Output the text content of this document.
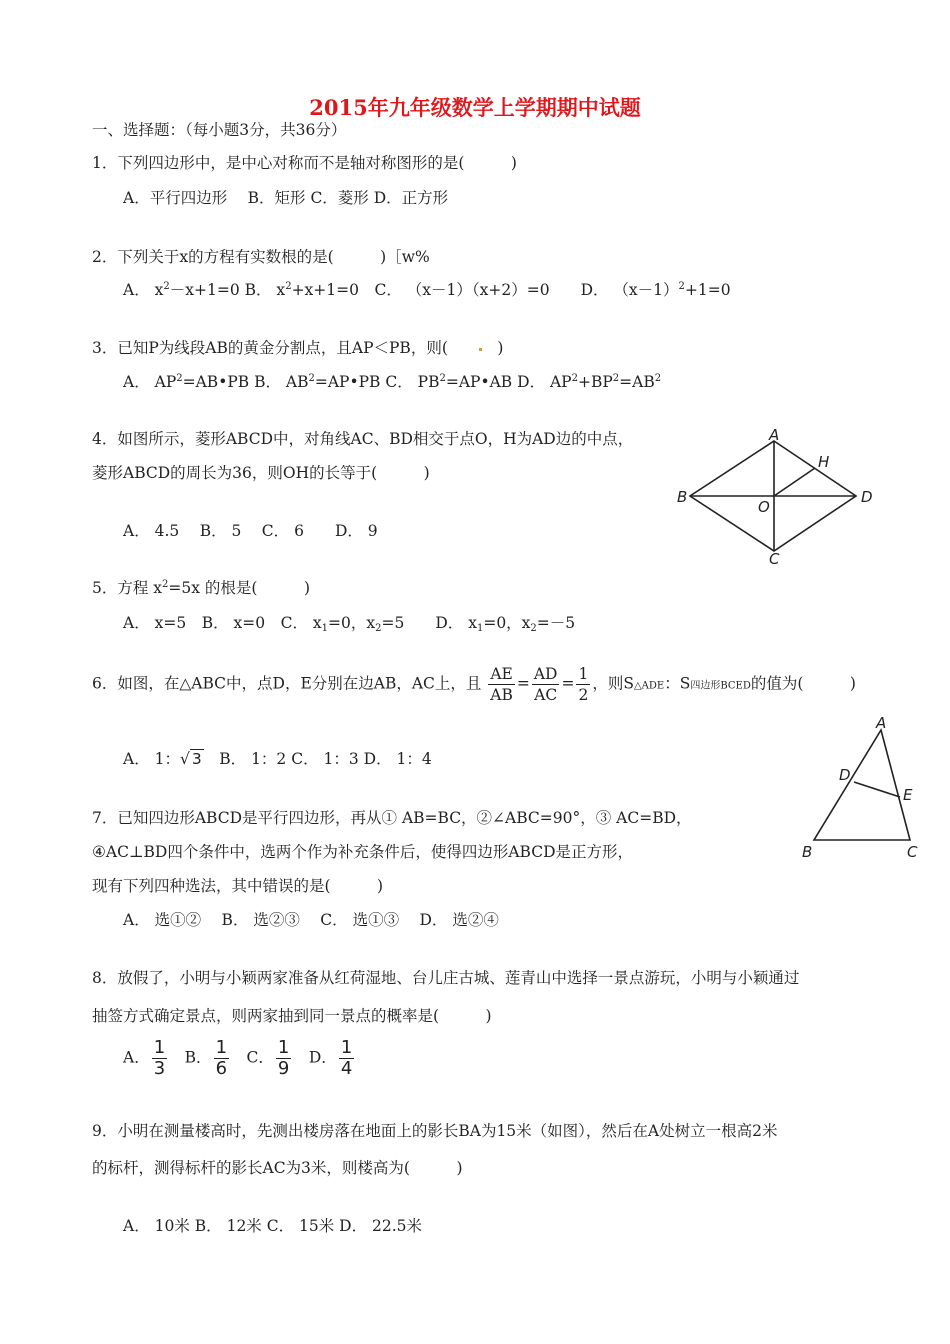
2015年九年级数学上学期期中试题
一、选择题：（每小题3分，共36分）
1．下列四边形中，是中心对称而不是轴对称图形的是(　　　)
A．平行四边形　 B．矩形 C．菱形 D．正方形
2．下列关于x的方程有实数根的是(　　　)［w%
A． $x^2-x+1=0$ B． $x^2+x+1=0$　C． （x－1）（x+2）=0　　D． $(x-1)^2+1=0$
3．已知P为线段AB的黄金分割点，且AP＜PB，则(　　　)
A． $AP^2=AB•PB$ B． $AB^2=AP•PB$ C． $PB^2=AP•AB$ D． $AP^2+BP^2=AB^2$
4．如图所示，菱形ABCD中，对角线AC、BD相交于点O，H为AD边的中点，
菱形ABCD的周长为36，则OH的长等于(　　　)
A． 4.5　 B． 5　 C． 6　　D． 9
A
B
C
D
O
H
5．方程 $x^2=5x$ 的根是(　　　)
A． x=5　B． x=0　C． $x_1=0$，$x_2=5$　　D． $x_1=0$，$x_2=-5$
6．如图，在△ABC中，点D，E分别在边AB，AC上，且 $\frac{AE}{AB} = \frac{AD}{AC} = \frac{1}{2}$ ，则S△ADE：S四边形BCED的值为(　　　)
A． 1：√ 3　B． 1：2 C． 1：3 D． 1：4
A
B	C
D
E
7．已知四边形ABCD是平行四边形，再从① AB=BC，②∠ABC=90°，③ AC=BD，
④AC⊥BD四个条件中，选两个作为补充条件后，使得四边形ABCD是正方形，
现有下列四种选法，其中错误的是(　　　)
A． 选①②　 B． 选②③　 C． 选①③　 D． 选②④
8．放假了，小明与小颖两家准备从红荷湿地、台儿庄古城、莲青山中选择一景点游玩，小明与小颖通过
抽签方式确定景点，则两家抽到同一景点的概率是(　　　)
A． $\frac{1}{3}$
　 B． $\frac{1}{6}$
　 C． $\frac{1}{9}$
　 D． $\frac{1}{4}$
9．小明在测量楼高时，先测出楼房落在地面上的影长BA为15米（如图），然后在A处树立一根高2米
的标杆，测得标杆的影长AC为3米，则楼高为(　　　)
A． 10米 B． 12米 C． 15米 D． 22.5米
